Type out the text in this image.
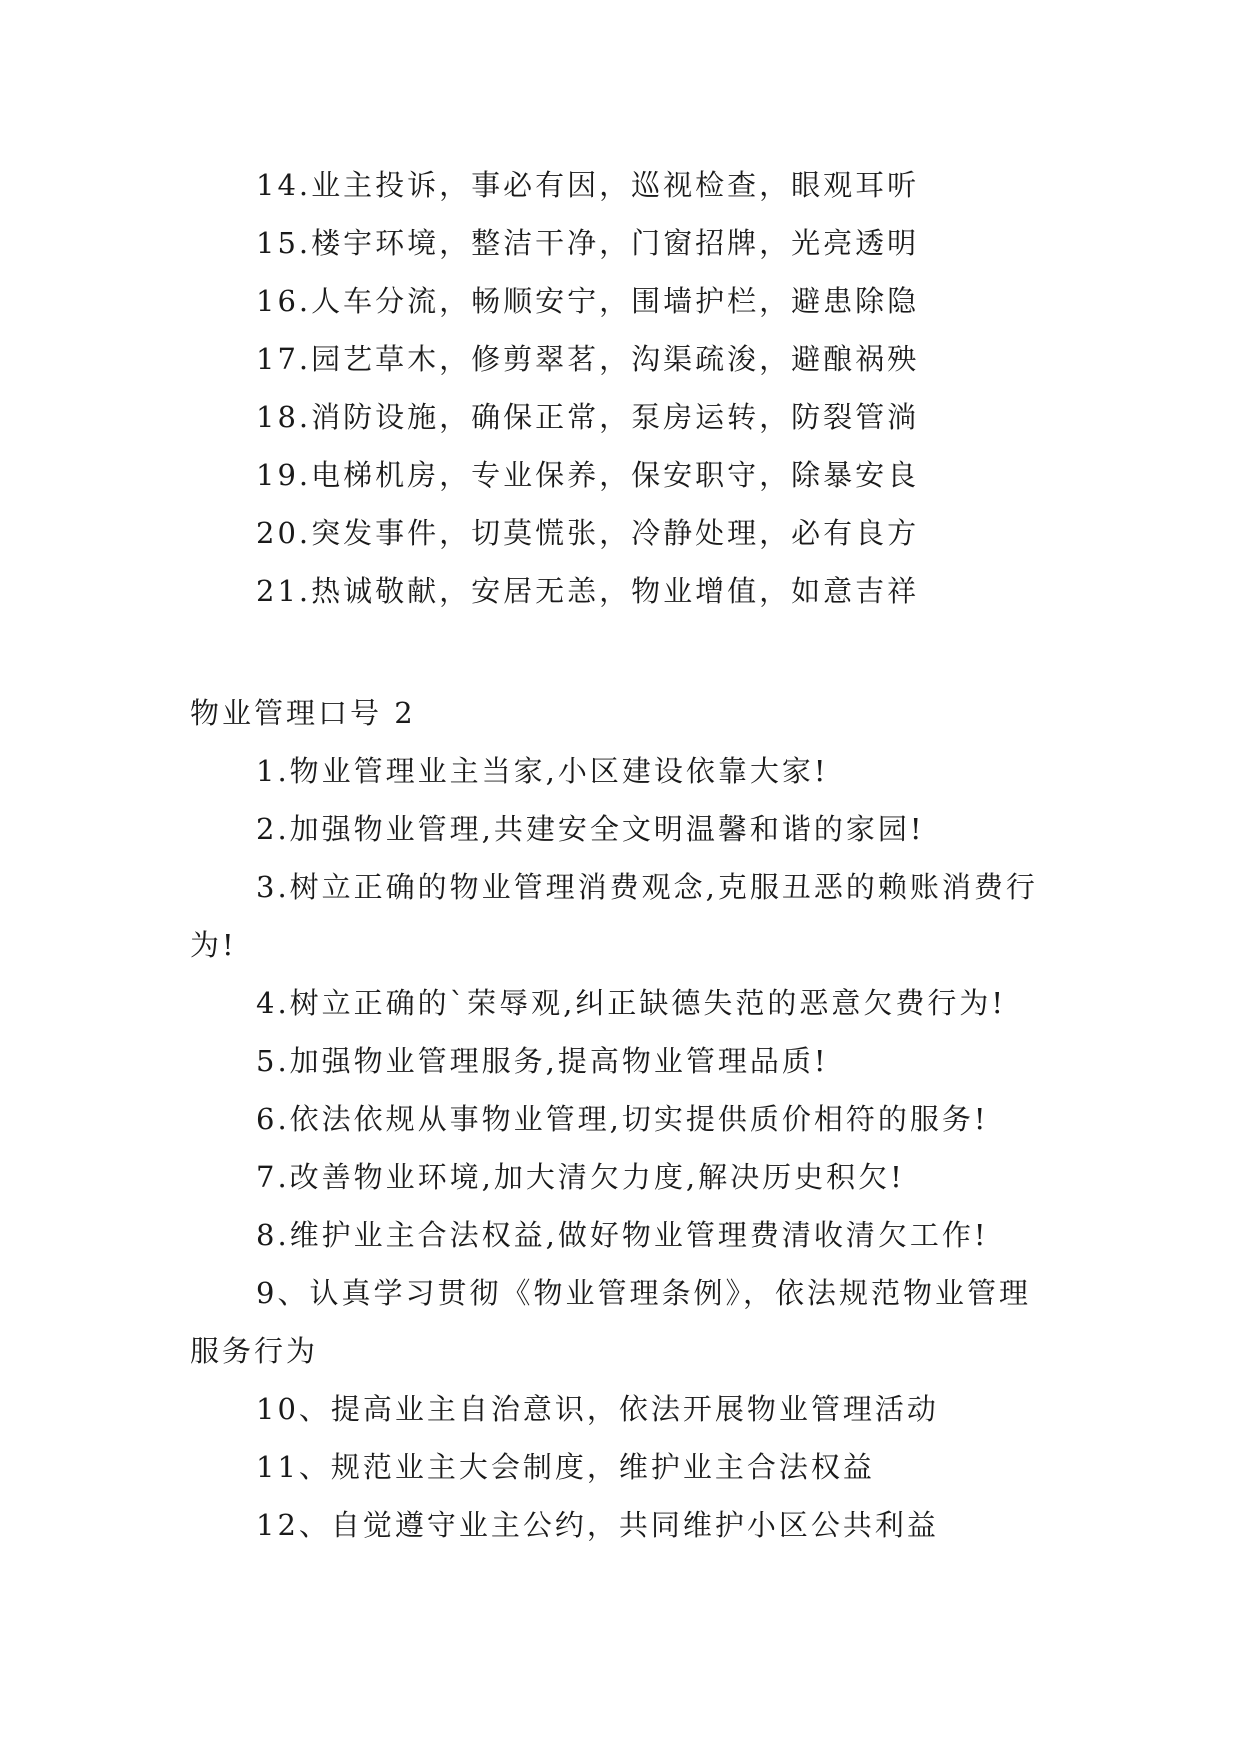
14.业主投诉，事必有因，巡视检查，眼观耳听

15.楼宇环境，整洁干净，门窗招牌，光亮透明

16.人车分流，畅顺安宁，围墙护栏，避患除隐

17.园艺草木，修剪翠茗，沟渠疏浚，避酿祸殃

18.消防设施，确保正常，泵房运转，防裂管淌

19.电梯机房，专业保养，保安职守，除暴安良

20.突发事件，切莫慌张，冷静处理，必有良方

21.热诚敬献，安居无恙，物业增值，如意吉祥

物业管理口号 2

1.物业管理业主当家,小区建设依靠大家!

2.加强物业管理,共建安全文明温馨和谐的家园!

3.树立正确的物业管理消费观念,克服丑恶的赖账消费行为!

4.树立正确的`荣辱观,纠正缺德失范的恶意欠费行为!

5.加强物业管理服务,提高物业管理品质!

6.依法依规从事物业管理,切实提供质价相符的服务!

7.改善物业环境,加大清欠力度,解决历史积欠!

8.维护业主合法权益,做好物业管理费清收清欠工作!

9、认真学习贯彻《物业管理条例》，依法规范物业管理服务行为

10、提高业主自治意识，依法开展物业管理活动

11、规范业主大会制度，维护业主合法权益

12、自觉遵守业主公约，共同维护小区公共利益
